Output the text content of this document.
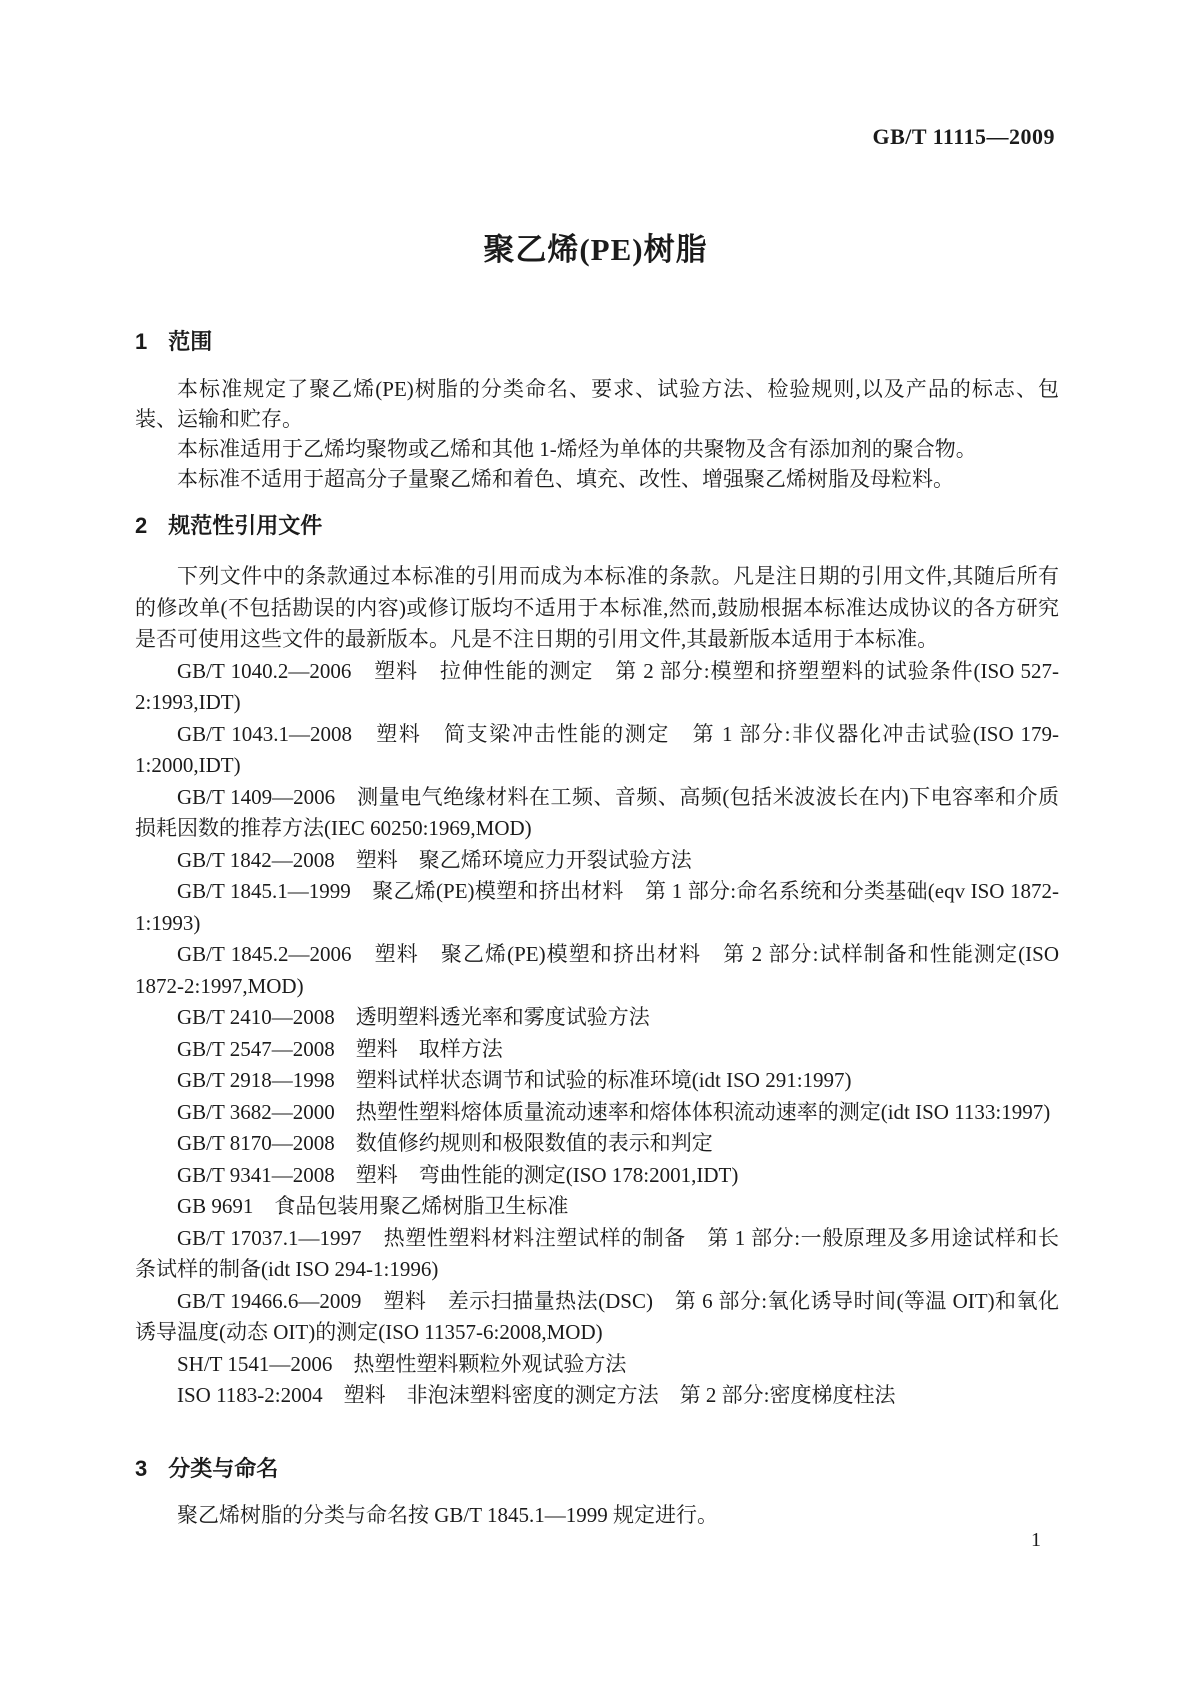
GB/T 11115—2009
聚乙烯(PE)树脂
1 范围

本标准规定了聚乙烯(PE)树脂的分类命名、要求、试验方法、检验规则,以及产品的标志、包装、运输和贮存。

本标准适用于乙烯均聚物或乙烯和其他 1-烯烃为单体的共聚物及含有添加剂的聚合物。

本标准不适用于超高分子量聚乙烯和着色、填充、改性、增强聚乙烯树脂及母粒料。

2 规范性引用文件

下列文件中的条款通过本标准的引用而成为本标准的条款。凡是注日期的引用文件,其随后所有的修改单(不包括勘误的内容)或修订版均不适用于本标准,然而,鼓励根据本标准达成协议的各方研究是否可使用这些文件的最新版本。凡是不注日期的引用文件,其最新版本适用于本标准。

GB/T 1040.2—2006　塑料　拉伸性能的测定　第 2 部分:模塑和挤塑塑料的试验条件(ISO 527-2:1993,IDT)

GB/T 1043.1—2008　塑料　简支梁冲击性能的测定　第 1 部分:非仪器化冲击试验(ISO 179-1:2000,IDT)

GB/T 1409—2006　测量电气绝缘材料在工频、音频、高频(包括米波波长在内)下电容率和介质损耗因数的推荐方法(IEC 60250:1969,MOD)

GB/T 1842—2008　塑料　聚乙烯环境应力开裂试验方法

GB/T 1845.1—1999　聚乙烯(PE)模塑和挤出材料　第 1 部分:命名系统和分类基础(eqv ISO 1872-1:1993)

GB/T 1845.2—2006　塑料　聚乙烯(PE)模塑和挤出材料　第 2 部分:试样制备和性能测定(ISO 1872-2:1997,MOD)

GB/T 2410—2008　透明塑料透光率和雾度试验方法

GB/T 2547—2008　塑料　取样方法

GB/T 2918—1998　塑料试样状态调节和试验的标准环境(idt ISO 291:1997)

GB/T 3682—2000　热塑性塑料熔体质量流动速率和熔体体积流动速率的测定(idt ISO 1133:1997)

GB/T 8170—2008　数值修约规则和极限数值的表示和判定

GB/T 9341—2008　塑料　弯曲性能的测定(ISO 178:2001,IDT)

GB 9691　食品包装用聚乙烯树脂卫生标准

GB/T 17037.1—1997　热塑性塑料材料注塑试样的制备　第 1 部分:一般原理及多用途试样和长条试样的制备(idt ISO 294-1:1996)

GB/T 19466.6—2009　塑料　差示扫描量热法(DSC)　第 6 部分:氧化诱导时间(等温 OIT)和氧化诱导温度(动态 OIT)的测定(ISO 11357-6:2008,MOD)

SH/T 1541—2006　热塑性塑料颗粒外观试验方法

ISO 1183-2:2004　塑料　非泡沫塑料密度的测定方法　第 2 部分:密度梯度柱法

3 分类与命名

聚乙烯树脂的分类与命名按 GB/T 1845.1—1999 规定进行。

1
